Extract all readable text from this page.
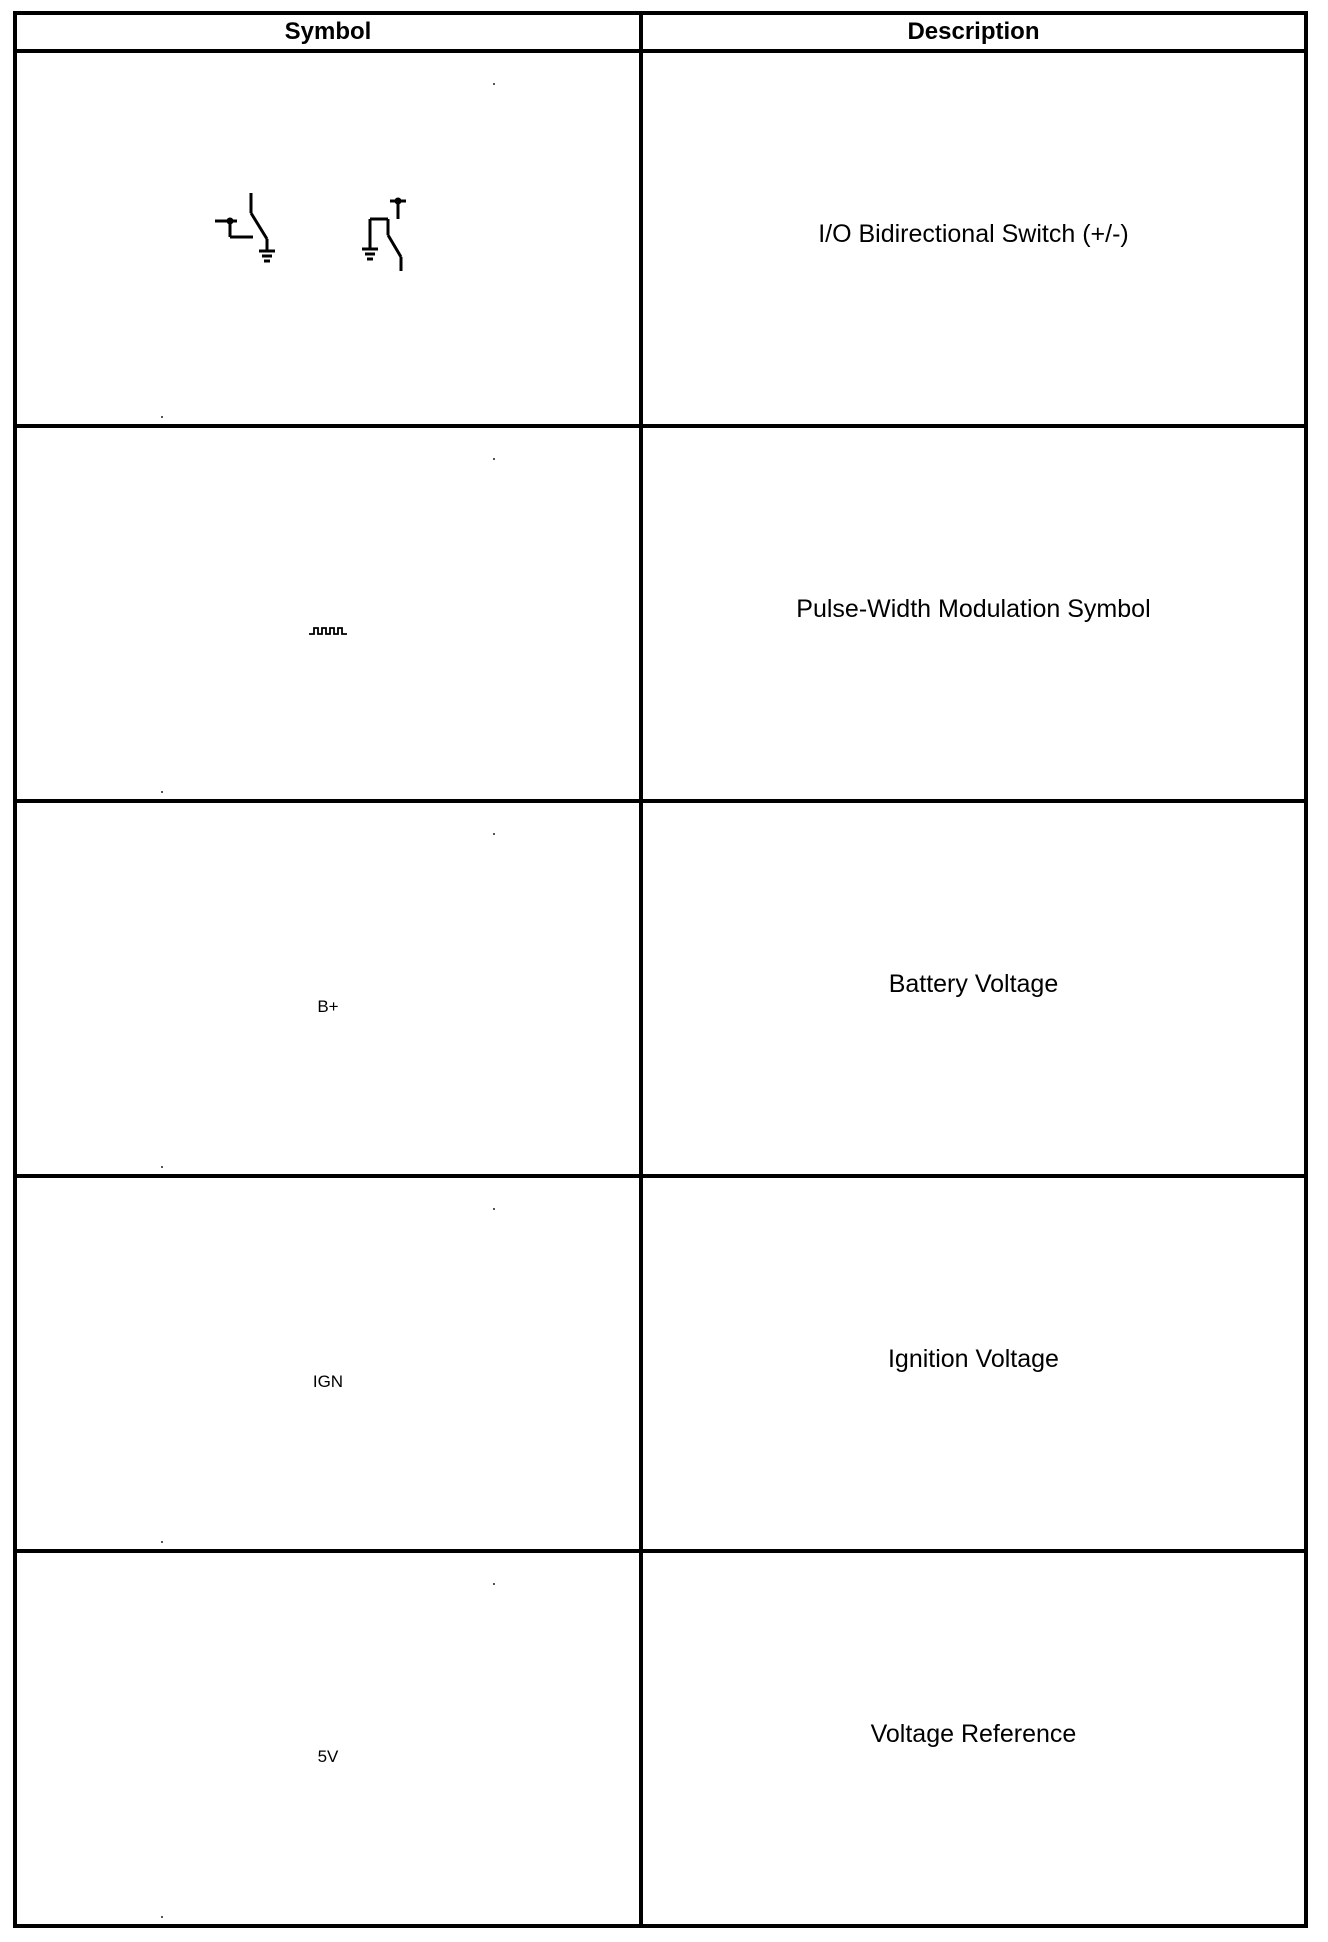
Symbol	Description

	I/O Bidirectional Switch (+/-)

	Pulse-Width Modulation Symbol

B+	Battery Voltage

IGN	Ignition Voltage

5V	Voltage Reference
